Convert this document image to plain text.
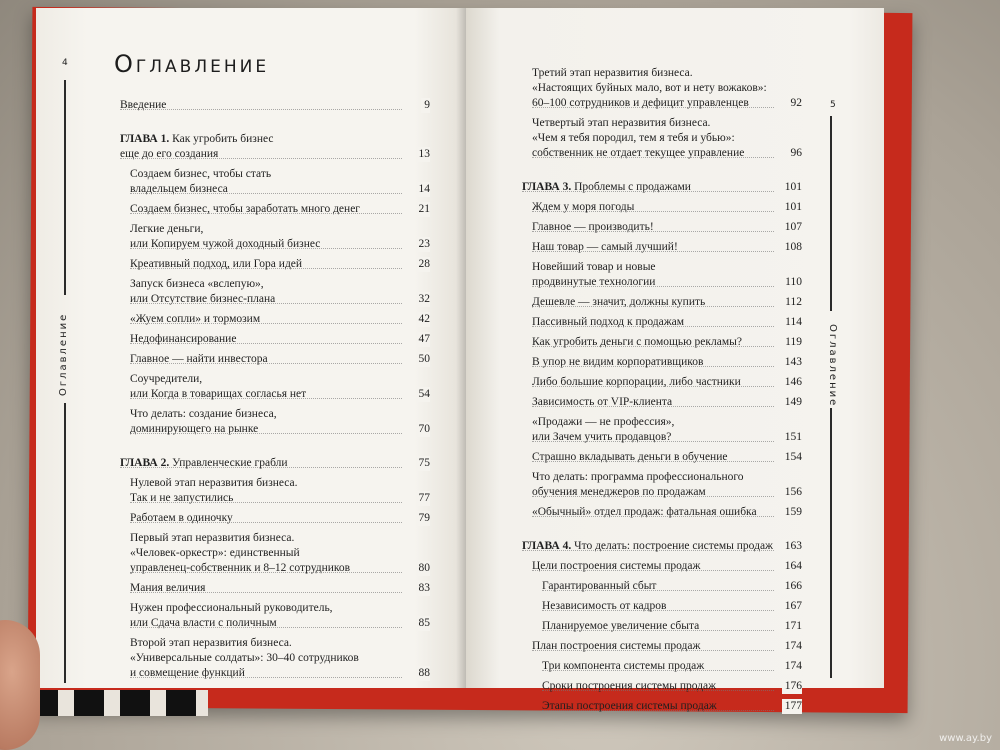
4
Оглавление
Оглавление
Введение	9
ГЛАВА 1. Как угробить бизнес
еще до его создания	13
Создаем бизнес, чтобы стать
владельцем бизнеса	14
Создаем бизнес, чтобы заработать много денег	21
Легкие деньги,
или Копируем чужой доходный бизнес	23
Креативный подход, или Гора идей	28
Запуск бизнеса «вслепую»,
или Отсутствие бизнес-плана	32
«Жуем сопли» и тормозим	42
Недофинансирование	47
Главное — найти инвестора	50
Соучредители,
или Когда в товарищах согласья нет	54
Что делать: создание бизнеса,
доминирующего на рынке	70
ГЛАВА 2. Управленческие грабли	75
Нулевой этап неразвития бизнеса.
Так и не запустились	77
Работаем в одиночку	79
Первый этап неразвития бизнеса.
«Человек-оркестр»: единственный
управленец-собственник и 8–12 сотрудников	80
Мания величия	83
Нужен профессиональный руководитель,
или Сдача власти с поличным	85
Второй этап неразвития бизнеса.
«Универсальные солдаты»: 30–40 сотрудников
и совмещение функций	88
5
Оглавление
Третий этап неразвития бизнеса.
«Настоящих буйных мало, вот и нету вожаков»:
60–100 сотрудников и дефицит управленцев	92
Четвертый этап неразвития бизнеса.
«Чем я тебя породил, тем я тебя и убью»:
собственник не отдает текущее управление	96
ГЛАВА 3. Проблемы с продажами	101
Ждем у моря погоды	101
Главное — производить!	107
Наш товар — самый лучший!	108
Новейший товар и новые
продвинутые технологии	110
Дешевле — значит, должны купить	112
Пассивный подход к продажам	114
Как угробить деньги с помощью рекламы?	119
В упор не видим корпоративщиков	143
Либо большие корпорации, либо частники	146
Зависимость от VIP-клиента	149
«Продажи — не профессия»,
или Зачем учить продавцов?	151
Страшно вкладывать деньги в обучение	154
Что делать: программа профессионального
обучения менеджеров по продажам	156
«Обычный» отдел продаж: фатальная ошибка	159
ГЛАВА 4. Что делать: построение системы продаж	163
Цели построения системы продаж	164
Гарантированный сбыт	166
Независимость от кадров	167
Планируемое увеличение сбыта	171
План построения системы продаж	174
Три компонента системы продаж	174
Сроки построения системы продаж	176
Этапы построения системы продаж	177
www.ay.by
